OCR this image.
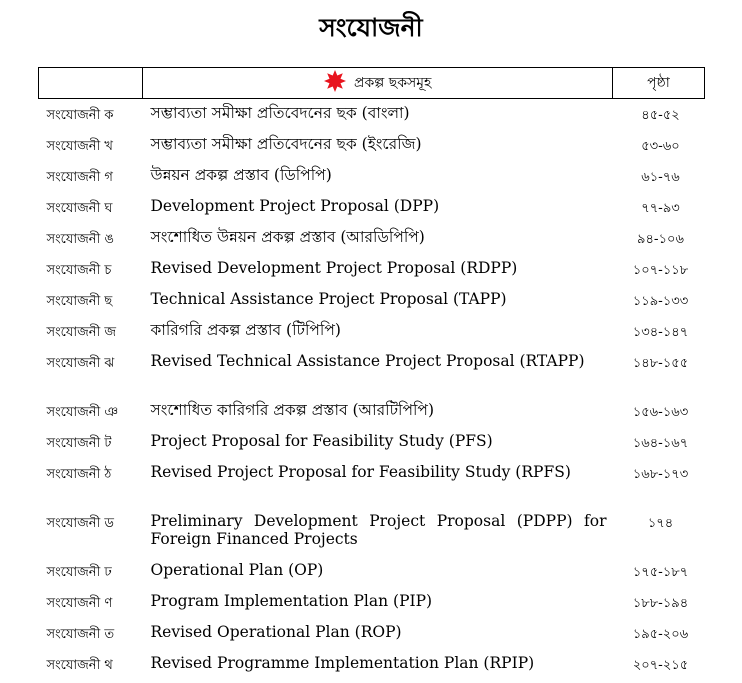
সংযোজনী
	প্রকল্প ছকসমূহ	পৃষ্ঠা
সংযোজনী ক	সম্ভাব্যতা সমীক্ষা প্রতিবেদনের ছক (বাংলা)	৪৫-৫২
সংযোজনী খ	সম্ভাব্যতা সমীক্ষা প্রতিবেদনের ছক (ইংরেজি)	৫৩-৬০
সংযোজনী গ	উন্নয়ন প্রকল্প প্রস্তাব (ডিপিপি)	৬১-৭৬
সংযোজনী ঘ	Development Project Proposal (DPP)	৭৭-৯৩
সংযোজনী ঙ	সংশোধিত উন্নয়ন প্রকল্প প্রস্তাব (আরডিপিপি)	৯৪-১০৬
সংযোজনী চ	Revised Development Project Proposal (RDPP)	১০৭-১১৮
সংযোজনী ছ	Technical Assistance Project Proposal (TAPP)	১১৯-১৩৩
সংযোজনী জ	কারিগরি প্রকল্প প্রস্তাব (টিপিপি)	১৩৪-১৪৭
সংযোজনী ঝ	Revised Technical Assistance Project Proposal (RTAPP)	১৪৮-১৫৫
সংযোজনী ঞ	সংশোধিত কারিগরি প্রকল্প প্রস্তাব (আরটিপিপি)	১৫৬-১৬৩
সংযোজনী ট	Project Proposal for Feasibility Study (PFS)	১৬৪-১৬৭
সংযোজনী ঠ	Revised Project Proposal for Feasibility Study (RPFS)	১৬৮-১৭৩
সংযোজনী ড	Preliminary Development Project Proposal (PDPP) for Foreign Financed Projects	১৭৪
সংযোজনী ঢ	Operational Plan (OP)	১৭৫-১৮৭
সংযোজনী ণ	Program Implementation Plan (PIP)	১৮৮-১৯৪
সংযোজনী ত	Revised Operational Plan (ROP)	১৯৫-২০৬
সংযোজনী থ	Revised Programme Implementation Plan (RPIP)	২০৭-২১৫
